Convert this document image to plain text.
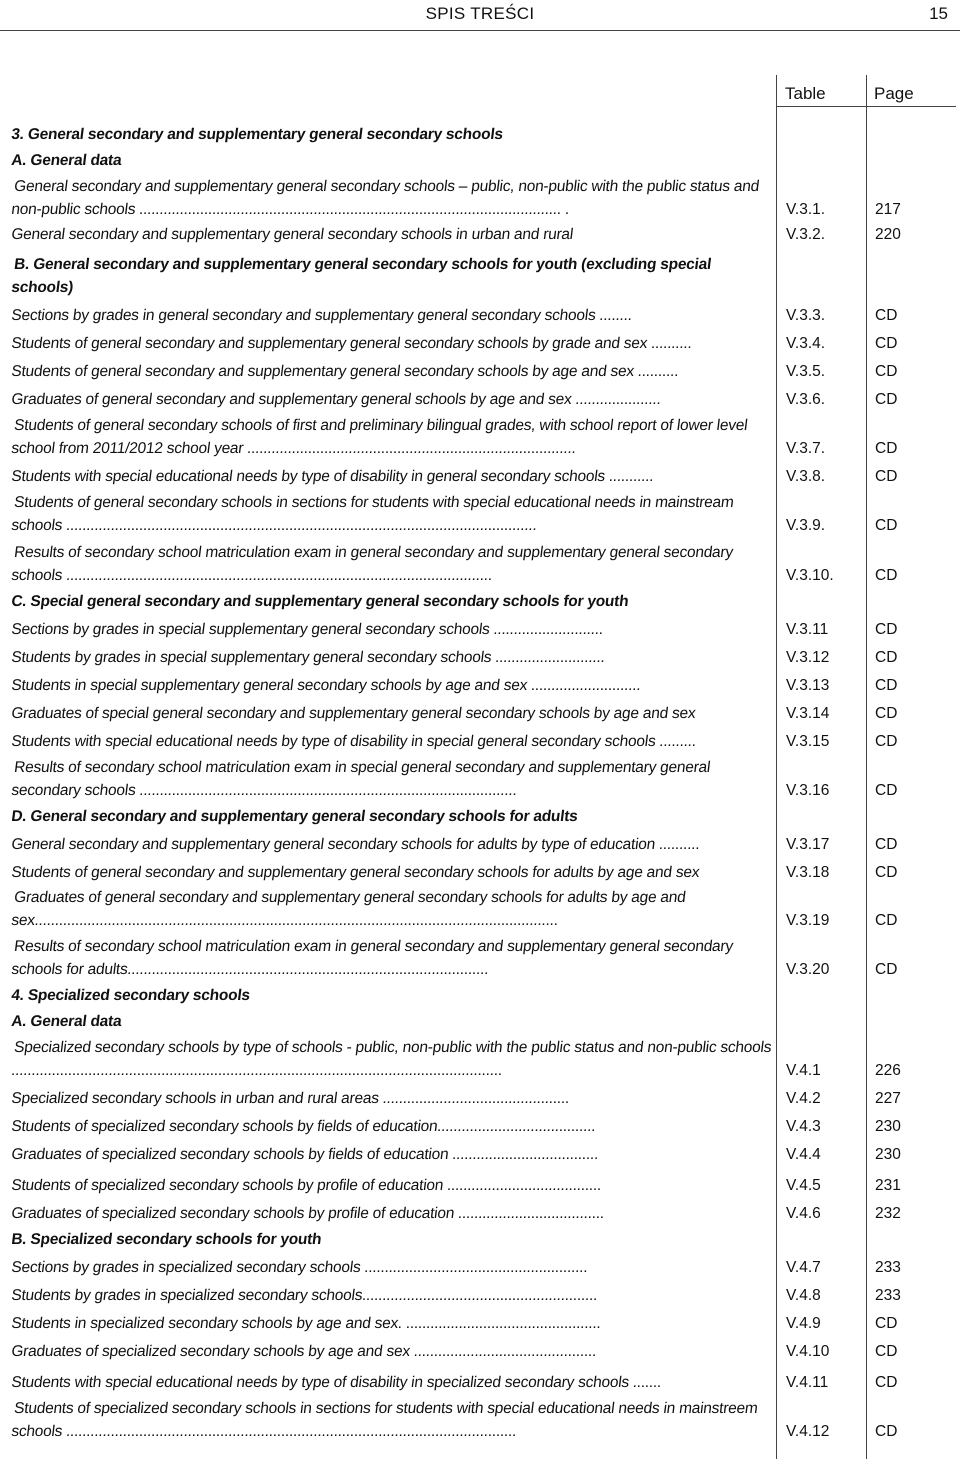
SPIS TREŚCI	15
Table	Page
3. General secondary and supplementary general secondary schools
A. General data
General secondary and supplementary general secondary schools – public, non-public with the public status and non-public schools ........................................................................................................ .	V.3.1.	217
General secondary and supplementary general secondary schools in urban and rural	V.3.2.	220
B. General secondary and supplementary general secondary schools for youth (excluding special schools)
Sections by grades in general secondary and supplementary general secondary schools ........	V.3.3.	CD
Students of general secondary and supplementary general secondary schools by grade and sex ..........	V.3.4.	CD
Students of general secondary and supplementary general secondary schools by age and sex ..........	V.3.5.	CD
Graduates of general secondary and supplementary general schools by age and sex .....................	V.3.6.	CD
Students of general secondary schools of first and preliminary bilingual grades, with school report of lower level school from 2011/2012 school year .................................................................................	V.3.7.	CD
Students with special educational needs by type of disability in general secondary schools ...........	V.3.8.	CD
Students of general secondary schools in sections for students with special educational needs in mainstream schools ....................................................................................................................	V.3.9.	CD
Results of secondary school matriculation exam in general secondary and supplementary general secondary schools .........................................................................................................	V.3.10.	CD
C. Special general secondary and supplementary general secondary schools for youth
Sections by grades in special supplementary general secondary schools ...........................	V.3.11	CD
Students by grades in special supplementary general secondary schools ...........................	V.3.12	CD
Students in special supplementary general secondary schools by age and sex ...........................	V.3.13	CD
Graduates of special general secondary and supplementary general secondary schools by age and sex	V.3.14	CD
Students with special educational needs by type of disability in special general secondary schools .........	V.3.15	CD
Results of secondary school matriculation exam in special general secondary and supplementary general secondary schools .............................................................................................	V.3.16	CD
D. General secondary and supplementary general secondary schools for adults
General secondary and supplementary general secondary schools for adults by type of education ..........	V.3.17	CD
Students of general secondary and supplementary general secondary schools for adults by age and sex	V.3.18	CD
Graduates of general secondary and supplementary general secondary schools for adults by age and sex.................................................................................................................................	V.3.19	CD
Results of secondary school matriculation exam in general secondary and supplementary general secondary schools for adults.........................................................................................	V.3.20	CD
4. Specialized secondary schools
A. General data
Specialized secondary schools by type of schools - public, non-public with the public status and non-public schools .........................................................................................................................	V.4.1	226
Specialized secondary schools in urban and rural areas ..............................................	V.4.2	227
Students of specialized secondary schools by fields of education.......................................	V.4.3	230
Graduates of specialized secondary schools by fields of education ....................................	V.4.4	230
Students of specialized secondary schools by profile of education ......................................	V.4.5	231
Graduates of specialized secondary schools by profile of education ....................................	V.4.6	232
B. Specialized secondary schools for youth
Sections by grades in specialized secondary schools .......................................................	V.4.7	233
Students by grades in specialized secondary schools..........................................................	V.4.8	233
Students in specialized secondary schools by age and sex. ................................................	V.4.9	CD
Graduates of specialized secondary schools by age and sex .............................................	V.4.10	CD
Students with special educational needs by type of disability in specialized secondary schools .......	V.4.11	CD
Students of specialized secondary schools in sections for students with special educational needs in mainstreem schools ...............................................................................................................	V.4.12	CD
